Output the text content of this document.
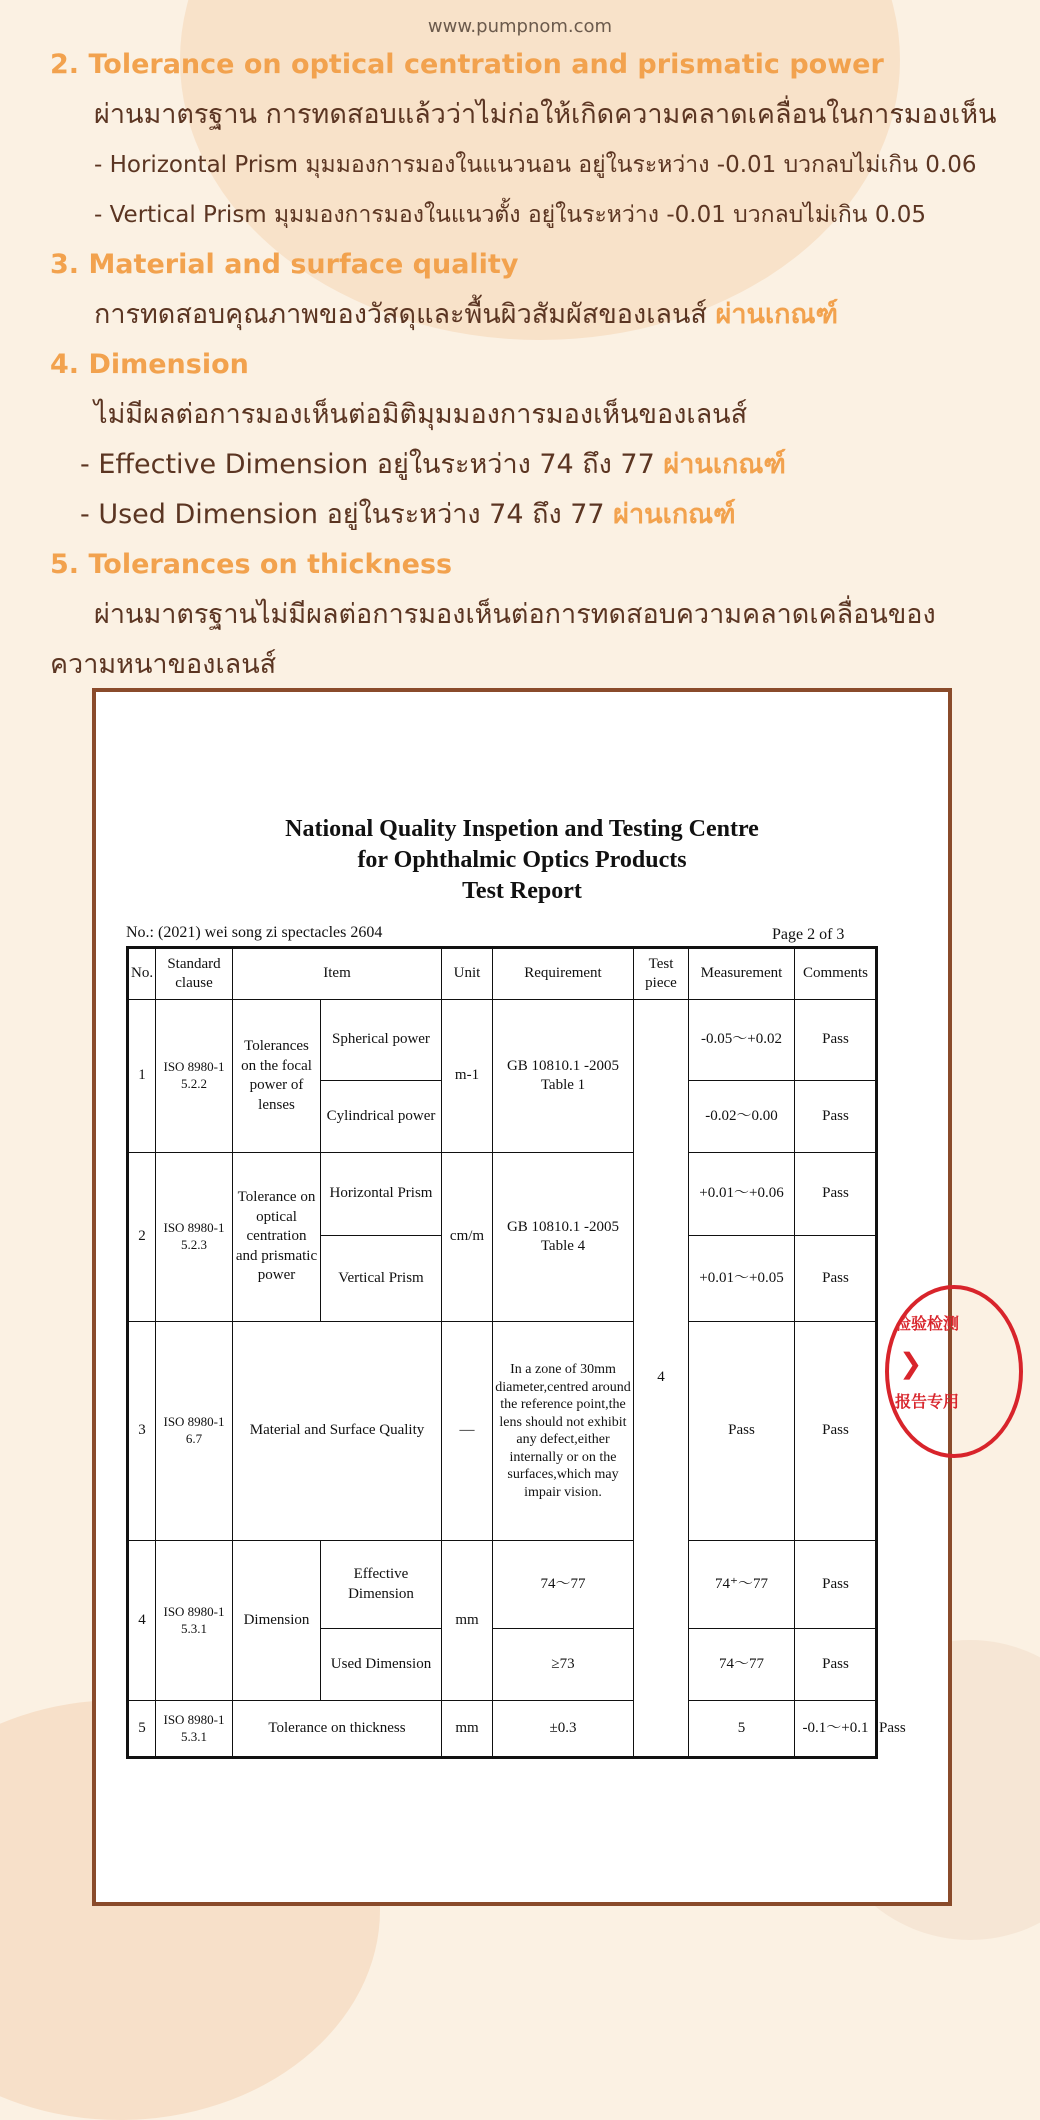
www.pumpnom.com
2. Tolerance on optical centration and prismatic power
ผ่านมาตรฐาน การทดสอบแล้วว่าไม่ก่อให้เกิดความคลาดเคลื่อนในการมองเห็น
- Horizontal Prism มุมมองการมองในแนวนอน อยู่ในระหว่าง -0.01 บวกลบไม่เกิน 0.06
- Vertical Prism มุมมองการมองในแนวตั้ง อยู่ในระหว่าง -0.01 บวกลบไม่เกิน 0.05
3. Material and surface quality
การทดสอบคุณภาพของวัสดุและพื้นผิวสัมผัสของเลนส์ ผ่านเกณฑ์
4. Dimension
ไม่มีผลต่อการมองเห็นต่อมิติมุมมองการมองเห็นของเลนส์
- Effective Dimension อยู่ในระหว่าง 74 ถึง 77 ผ่านเกณฑ์
- Used Dimension อยู่ในระหว่าง 74 ถึง 77 ผ่านเกณฑ์
5. Tolerances on thickness
ผ่านมาตรฐานไม่มีผลต่อการมองเห็นต่อการทดสอบความคลาดเคลื่อนของ
ความหนาของเลนส์
National Quality Inspetion and Testing Centre
for Ophthalmic Optics Products
Test Report
No.: (2021) wei song zi spectacles 2604	Page 2 of 3
No.	Standard clause	Item		Unit	Requirement	Test piece	Measurement	Comments	
1	ISO 8980-1 5.2.2	Tolerances on the focal power of lenses	Spherical power	m-1	GB 10810.1 -2005 Table 1	4	-0.05～+0.02	Pass	
			Cylindrical power				-0.02～0.00	Pass	
2	ISO 8980-1 5.2.3	Tolerance on optical centration and prismatic power	Horizontal Prism	cm/m	GB 10810.1 -2005 Table 4		+0.01～+0.06	Pass	
			Vertical Prism				+0.01～+0.05	Pass	
3	ISO 8980-1 6.7	Material and Surface Quality		—	In a zone of 30mm diameter,centred around the reference point,the lens should not exhibit any defect,either internally or on the surfaces,which may impair vision.		Pass	Pass	
4	ISO 8980-1 5.3.1	Dimension	Effective Dimension	mm	74～77		74⁺～77	Pass	
			Used Dimension		≥73		74～77	Pass	
5	ISO 8980-1 5.3.1	Tolerance on thickness		mm	±0.3		5	-0.1～+0.1	Pass
检验检测
❯
报告专用
